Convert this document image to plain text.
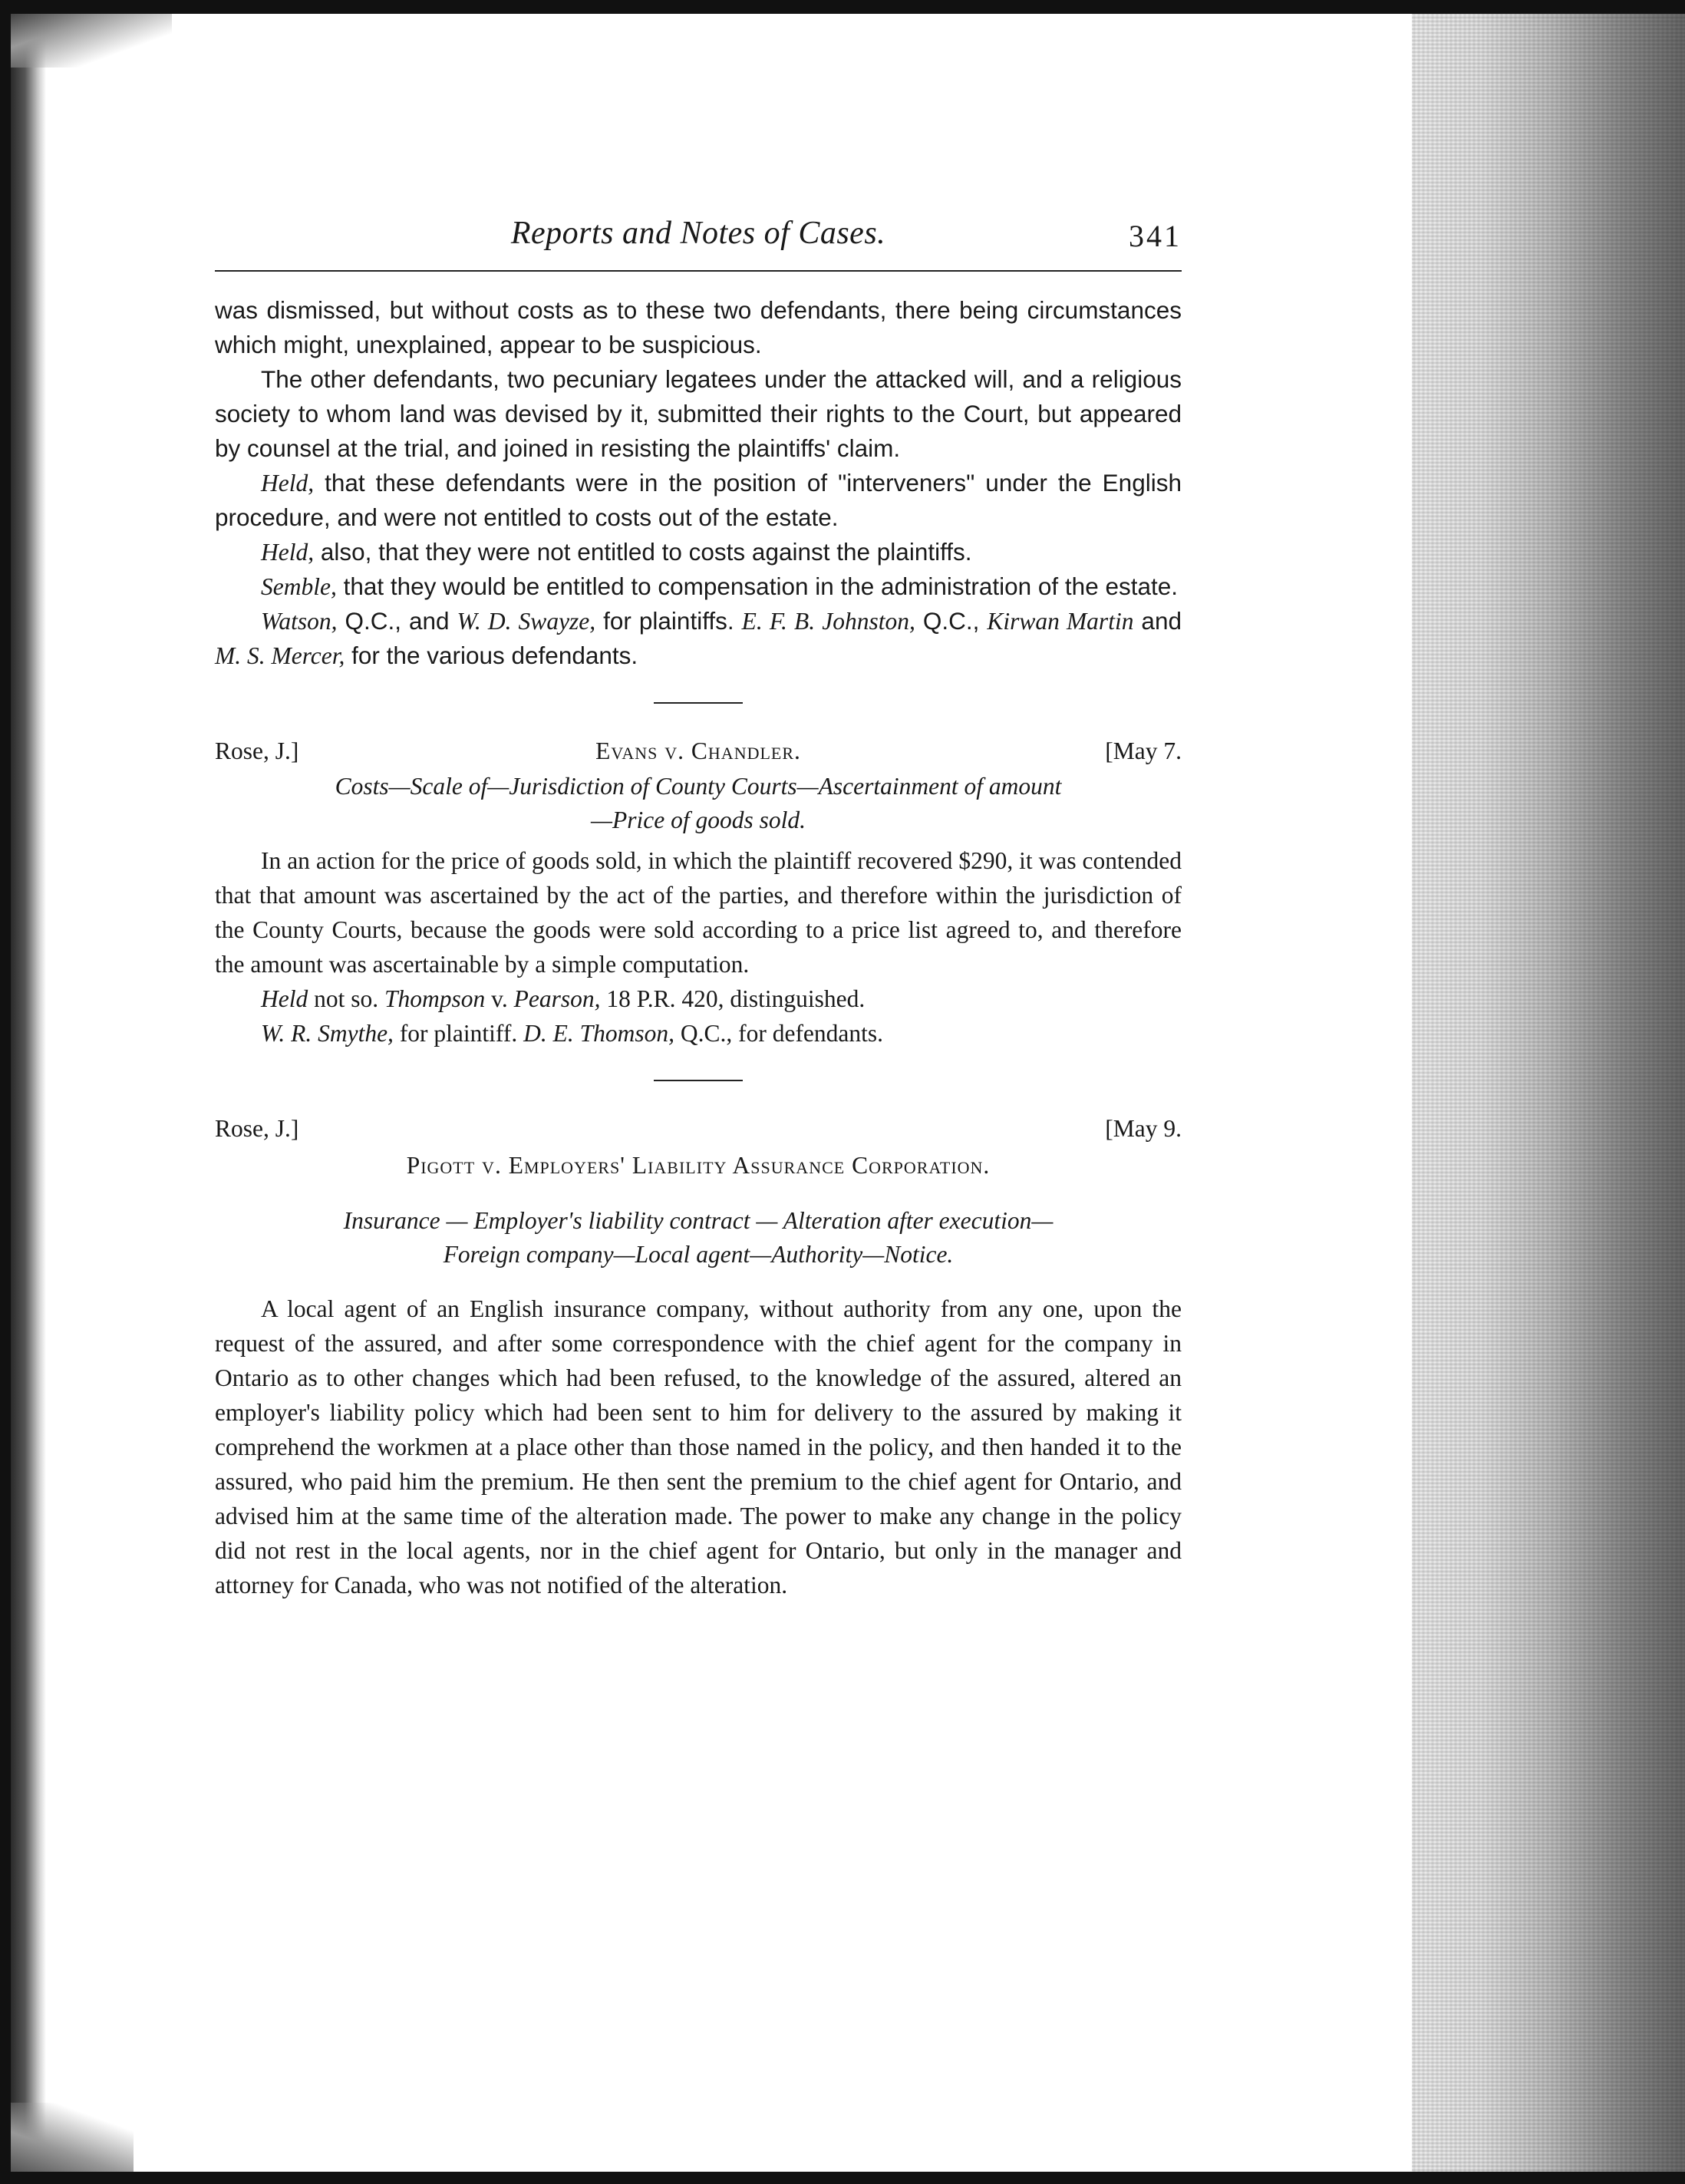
Reports and Notes of Cases.	341

was dismissed, but without costs as to these two defendants, there being circumstances which might, unexplained, appear to be suspicious.

The other defendants, two pecuniary legatees under the attacked will, and a religious society to whom land was devised by it, submitted their rights to the Court, but appeared by counsel at the trial, and joined in resisting the plaintiffs' claim.

Held, that these defendants were in the position of "interveners" under the English procedure, and were not entitled to costs out of the estate.

Held, also, that they were not entitled to costs against the plaintiffs.

Semble, that they would be entitled to compensation in the administration of the estate.

Watson, Q.C., and W. D. Swayze, for plaintiffs. E. F. B. Johnston, Q.C., Kirwan Martin and M. S. Mercer, for the various defendants.

Rose, J.]	Evans v. Chandler.	[May 7.
Costs—Scale of—Jurisdiction of County Courts—Ascertainment of amount
—Price of goods sold.

In an action for the price of goods sold, in which the plaintiff recovered $290, it was contended that that amount was ascertained by the act of the parties, and therefore within the jurisdiction of the County Courts, because the goods were sold according to a price list agreed to, and therefore the amount was ascertainable by a simple computation.

Held not so. Thompson v. Pearson, 18 P.R. 420, distinguished.

W. R. Smythe, for plaintiff. D. E. Thomson, Q.C., for defendants.

Rose, J.]	[May 9.
Pigott v. Employers' Liability Assurance Corporation.
Insurance — Employer's liability contract — Alteration after execution—
Foreign company—Local agent—Authority—Notice.

A local agent of an English insurance company, without authority from any one, upon the request of the assured, and after some correspondence with the chief agent for the company in Ontario as to other changes which had been refused, to the knowledge of the assured, altered an employer's liability policy which had been sent to him for delivery to the assured by making it comprehend the workmen at a place other than those named in the policy, and then handed it to the assured, who paid him the premium. He then sent the premium to the chief agent for Ontario, and advised him at the same time of the alteration made. The power to make any change in the policy did not rest in the local agents, nor in the chief agent for Ontario, but only in the manager and attorney for Canada, who was not notified of the alteration.
